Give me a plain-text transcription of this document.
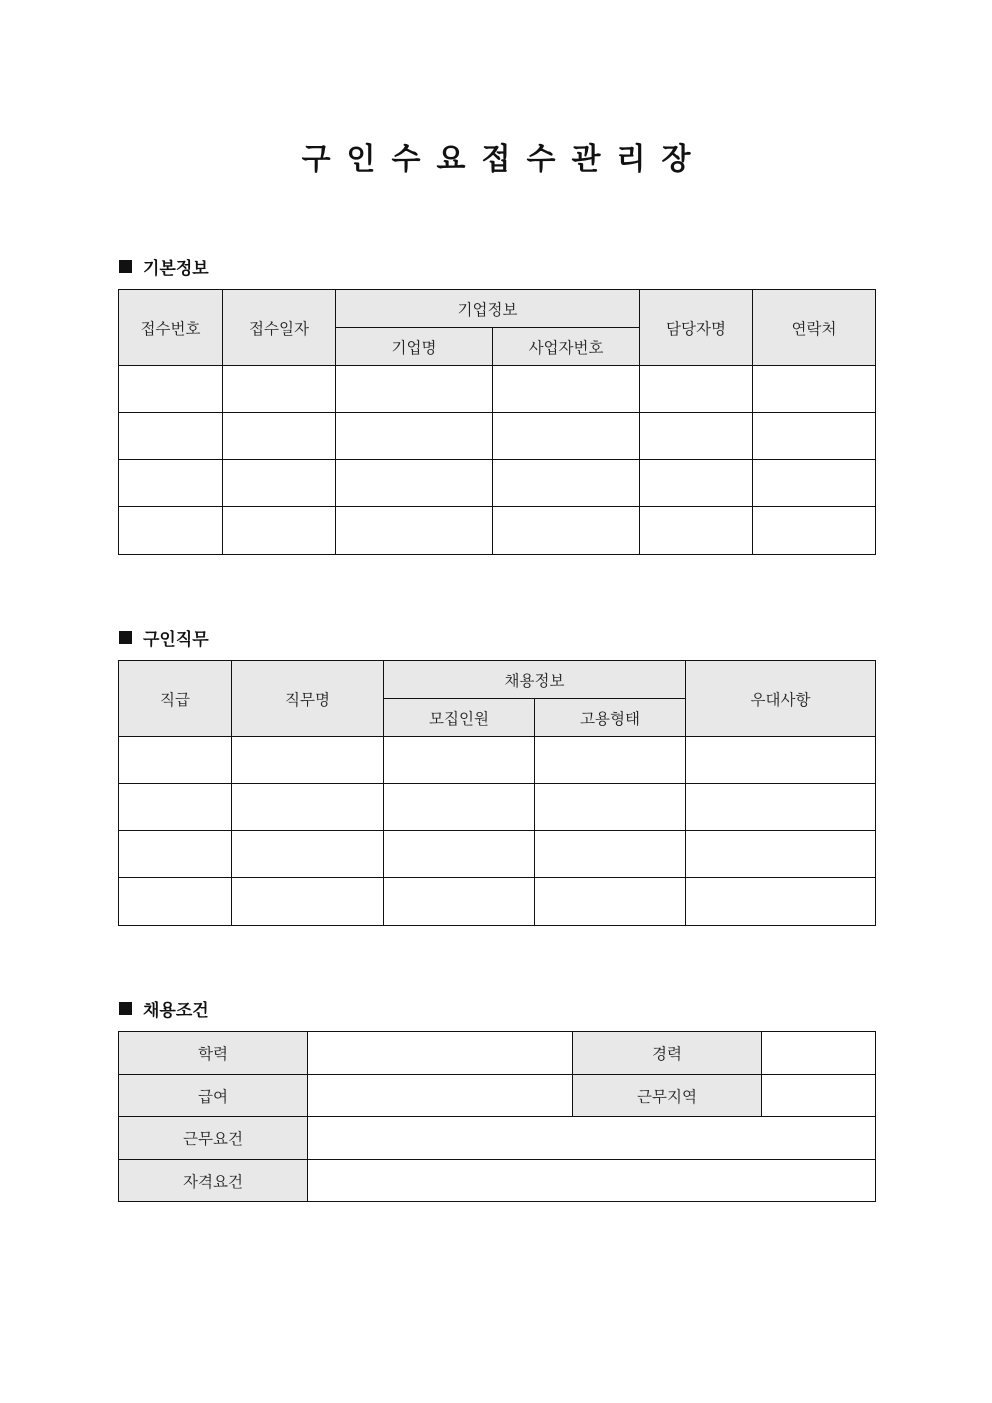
구 인 수 요 접 수 관 리 장
기본정보
접수번호	접수일자	기업정보		담당자명	연락처
		기업명	사업자번호		

구인직무
직급	직무명	채용정보		우대사항
		모집인원	고용형태	

채용조건
학력		경력	
급여		근무지역	
근무요건			
자격요건			
